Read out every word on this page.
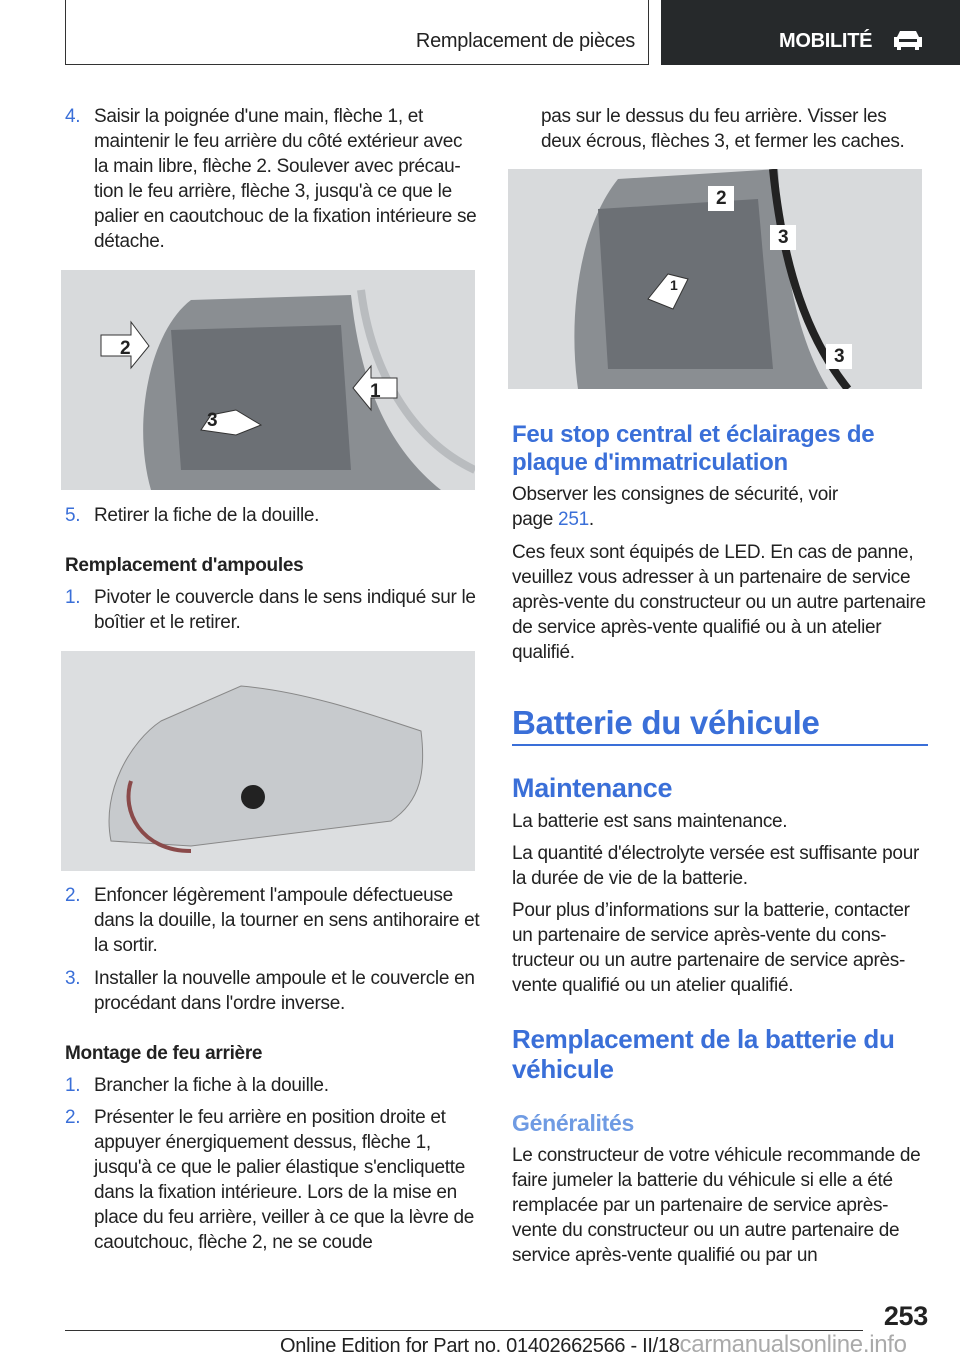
Remplacement de pièces	MOBILITÉ
4. Saisir la poignée d'une main, flèche 1, et maintenir le feu arrière du côté extérieur avec la main libre, flèche 2. Soulever avec précaution le feu arrière, flèche 3, jusqu'à ce que le palier en caoutchouc de la fixation intérieure se détache.
2
1
3
5. Retirer la fiche de la douille.
Remplacement d'ampoules
1. Pivoter le couvercle dans le sens indiqué sur le boîtier et le retirer.
2. Enfoncer légèrement l'ampoule défectueuse dans la douille, la tourner en sens antihoraire et la sortir.
3. Installer la nouvelle ampoule et le couvercle en procédant dans l'ordre inverse.
Montage de feu arrière
1. Brancher la fiche à la douille.
2. Présenter le feu arrière en position droite et appuyer énergiquement dessus, flèche 1, jusqu'à ce que le palier élastique s'encliquette dans la fixation intérieure. Lors de la mise en place du feu arrière, veiller à ce que la lèvre de caoutchouc, flèche 2, ne se coude
pas sur le dessus du feu arrière. Visser les deux écrous, flèches 3, et fermer les caches.
2
3
1
3
Feu stop central et éclairages de plaque d'immatriculation
Observer les consignes de sécurité, voir page 251.
Ces feux sont équipés de LED. En cas de panne, veuillez vous adresser à un partenaire de service après-vente du constructeur ou un autre partenaire de service après-vente qualifié ou à un atelier qualifié.
Batterie du véhicule
Maintenance
La batterie est sans maintenance.
La quantité d'électrolyte versée est suffisante pour la durée de vie de la batterie.
Pour plus d’informations sur la batterie, contacter un partenaire de service après-vente du constructeur ou un autre partenaire de service après-vente qualifié ou un atelier qualifié.
Remplacement de la batterie du véhicule
Généralités
Le constructeur de votre véhicule recommande de faire jumeler la batterie du véhicule si elle a été remplacée par un partenaire de service après-vente du constructeur ou un autre partenaire de service après-vente qualifié ou par un
253
Online Edition for Part no. 01402662566 - II/18carmanualsonline.info
